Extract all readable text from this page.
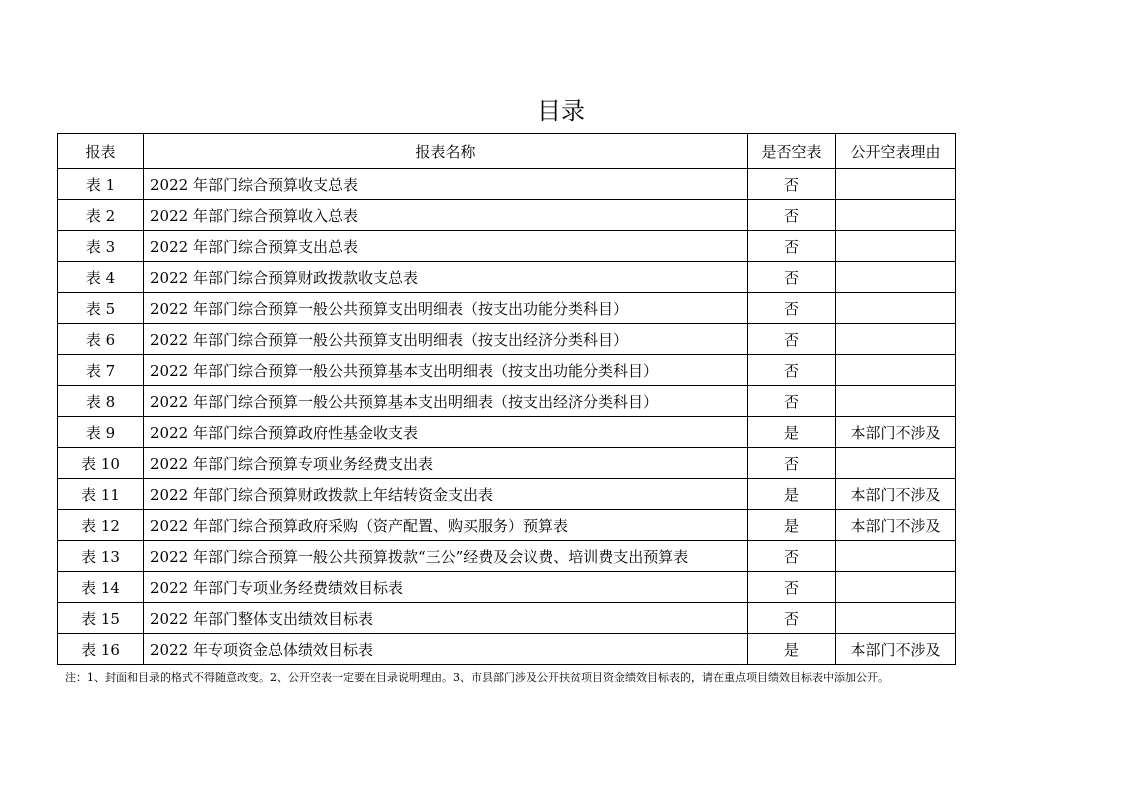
目录
报表	报表名称	是否空表	公开空表理由
表 1	2022 年部门综合预算收支总表	否	
表 2	2022 年部门综合预算收入总表	否	
表 3	2022 年部门综合预算支出总表	否	
表 4	2022 年部门综合预算财政拨款收支总表	否	
表 5	2022 年部门综合预算一般公共预算支出明细表（按支出功能分类科目）	否	
表 6	2022 年部门综合预算一般公共预算支出明细表（按支出经济分类科目）	否	
表 7	2022 年部门综合预算一般公共预算基本支出明细表（按支出功能分类科目）	否	
表 8	2022 年部门综合预算一般公共预算基本支出明细表（按支出经济分类科目）	否	
表 9	2022 年部门综合预算政府性基金收支表	是	本部门不涉及
表 10	2022 年部门综合预算专项业务经费支出表	否	
表 11	2022 年部门综合预算财政拨款上年结转资金支出表	是	本部门不涉及
表 12	2022 年部门综合预算政府采购（资产配置、购买服务）预算表	是	本部门不涉及
表 13	2022 年部门综合预算一般公共预算拨款“三公”经费及会议费、培训费支出预算表	否	
表 14	2022 年部门专项业务经费绩效目标表	否	
表 15	2022 年部门整体支出绩效目标表	否	
表 16	2022 年专项资金总体绩效目标表	是	本部门不涉及
注：1、封面和目录的格式不得随意改变。2、公开空表一定要在目录说明理由。3、市县部门涉及公开扶贫项目资金绩效目标表的，请在重点项目绩效目标表中添加公开。
